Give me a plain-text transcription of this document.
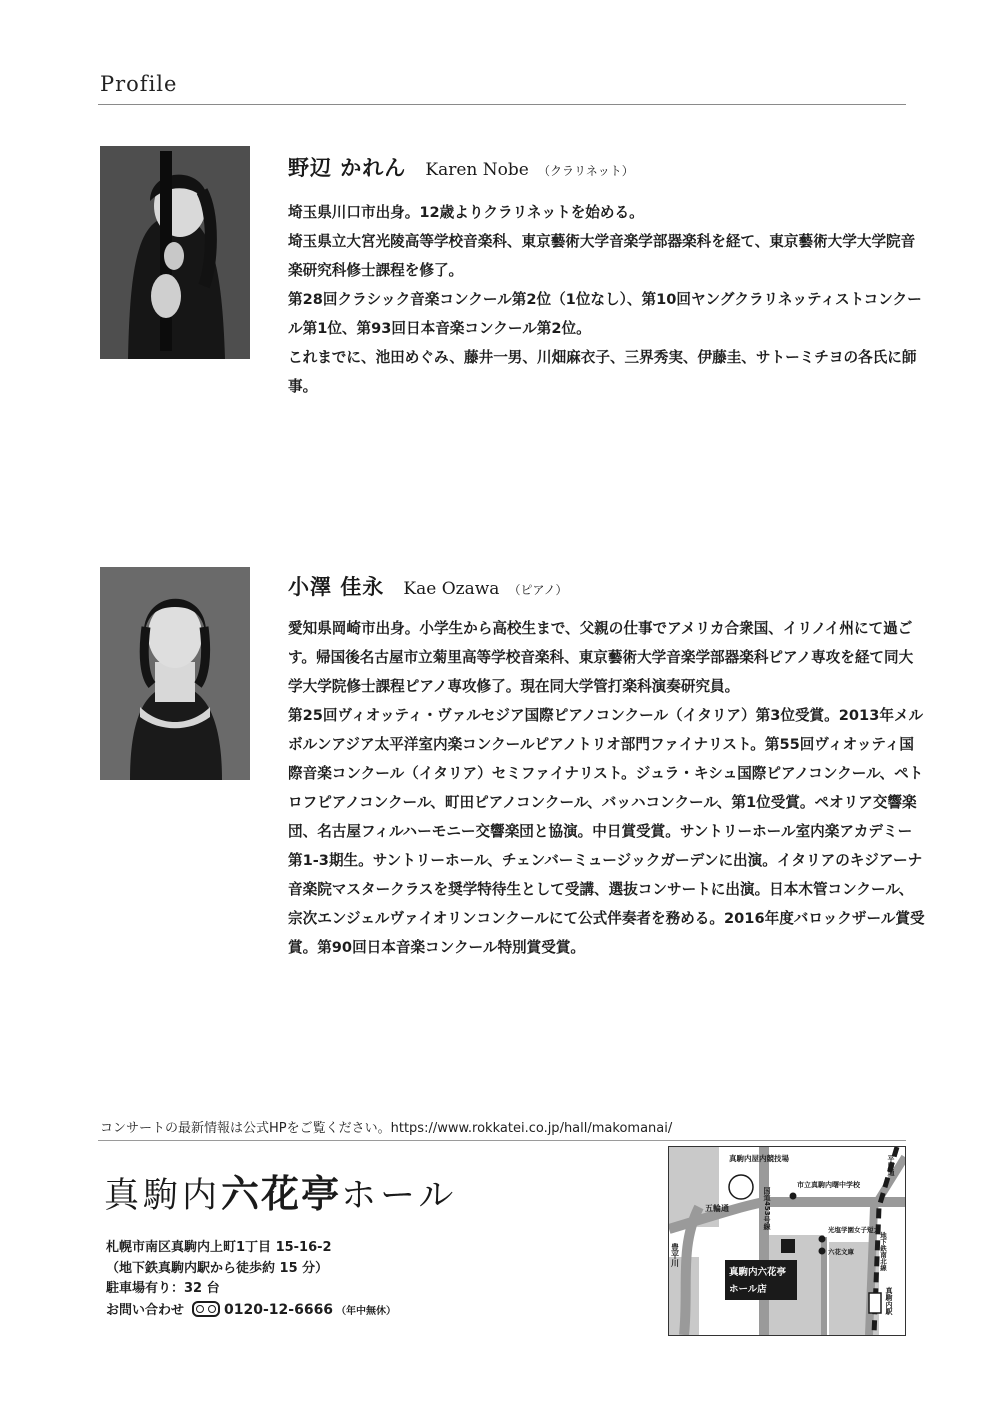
Profile
野辺 かれん Karen Nobe （クラリネット）

埼玉県川口市出身。12歳よりクラリネットを始める。

埼玉県立大宮光陵高等学校音楽科、東京藝術大学音楽学部器楽科を経て、東京藝術大学大学院音楽研究科修士課程を修了。

第28回クラシック音楽コンクール第2位（1位なし）、第10回ヤングクラリネッティストコンクール第1位、第93回日本音楽コンクール第2位。

これまでに、池田めぐみ、藤井一男、川畑麻衣子、三界秀実、伊藤圭、サトーミチヨの各氏に師事。

小澤 佳永 Kae Ozawa （ピアノ）

愛知県岡崎市出身。小学生から高校生まで、父親の仕事でアメリカ合衆国、イリノイ州にて過ごす。帰国後名古屋市立菊里高等学校音楽科、東京藝術大学音楽学部器楽科ピアノ専攻を経て同大学大学院修士課程ピアノ専攻修了。現在同大学管打楽科演奏研究員。

第25回ヴィオッティ・ヴァルセジア国際ピアノコンクール（イタリア）第3位受賞。2013年メルボルンアジア太平洋室内楽コンクールピアノトリオ部門ファイナリスト。第55回ヴィオッティ国際音楽コンクール（イタリア）セミファイナリスト。ジュラ・キシュ国際ピアノコンクール、ペトロフピアノコンクール、町田ピアノコンクール、バッハコンクール、第1位受賞。ペオリア交響楽団、名古屋フィルハーモニー交響楽団と協演。中日賞受賞。サントリーホール室内楽アカデミー第1-3期生。サントリーホール、チェンバーミュージックガーデンに出演。イタリアのキジアーナ音楽院マスタークラスを奨学特待生として受講、選抜コンサートに出演。日本木管コンクール、宗次エンジェルヴァイオリンコンクールにて公式伴奏者を務める。2016年度バロックザール賞受賞。第90回日本音楽コンクール特別賞受賞。

コンサートの最新情報は公式HPをご覧ください。https://www.rokkatei.co.jp/hall/makomanai/
真駒内六花亭ホール
札幌市南区真駒内上町1丁目 15-16-2
（地下鉄真駒内駅から徒歩約 15 分）
駐車場有り：32 台
お問い合わせ	0120-12-6666 （年中無休）
真駒内屋内競技場
市立真駒内曙中学校
五輪通	国道453号線
光塩学園女子短大
六花文庫
豊平川
真駒内六花亭
ホール店
地下鉄南北線
真駒内駅
平岸通
